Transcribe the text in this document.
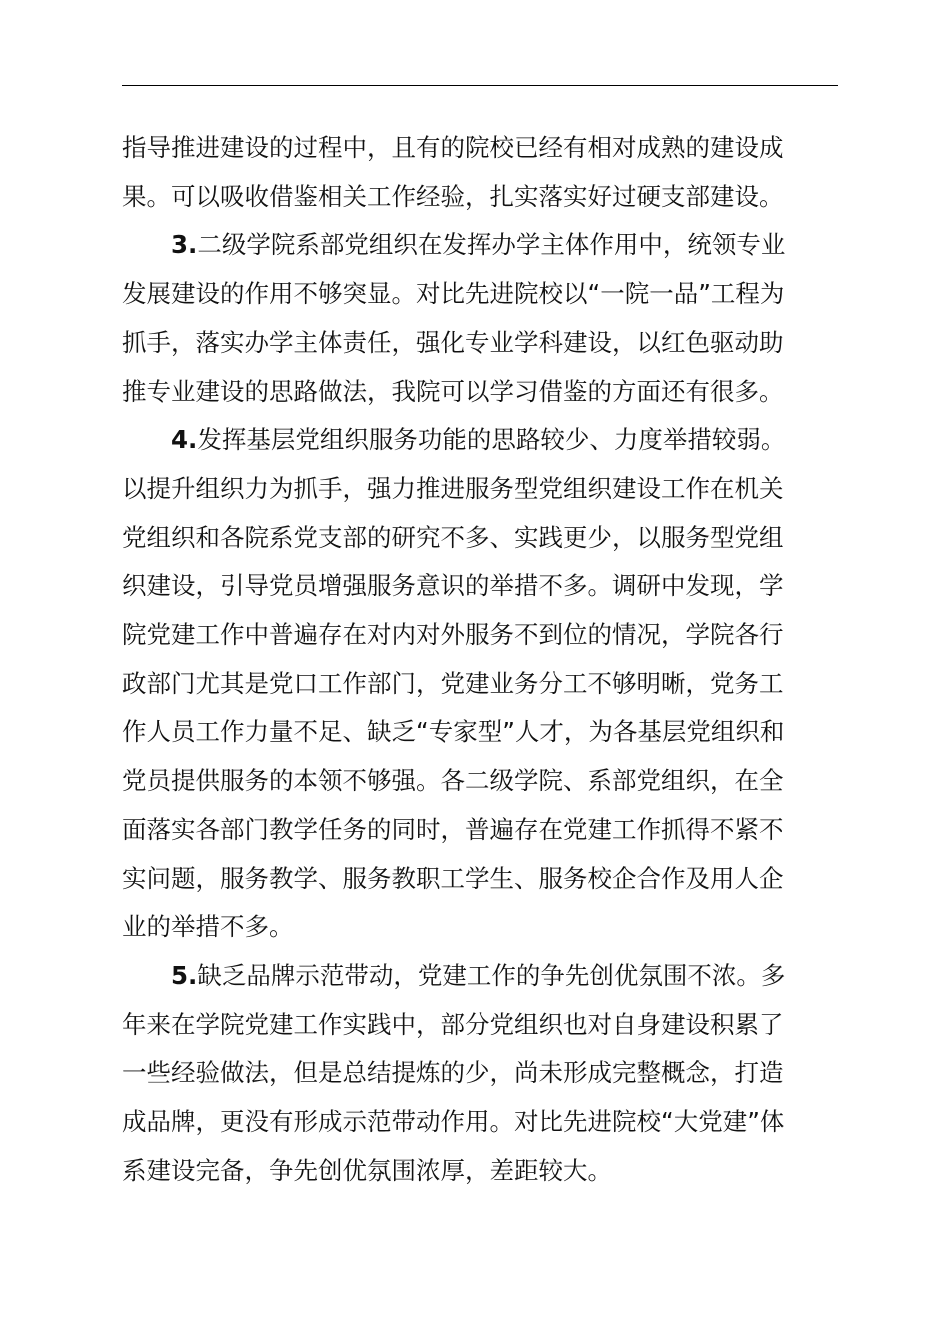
指导推进建设的过程中，且有的院校已经有相对成熟的建设成
果。可以吸收借鉴相关工作经验，扎实落实好过硬支部建设。
3.二级学院系部党组织在发挥办学主体作用中，统领专业
发展建设的作用不够突显。对比先进院校以“一院一品”工程为
抓手，落实办学主体责任，强化专业学科建设，以红色驱动助
推专业建设的思路做法，我院可以学习借鉴的方面还有很多。
4.发挥基层党组织服务功能的思路较少、力度举措较弱。
以提升组织力为抓手，强力推进服务型党组织建设工作在机关
党组织和各院系党支部的研究不多、实践更少，以服务型党组
织建设，引导党员增强服务意识的举措不多。调研中发现，学
院党建工作中普遍存在对内对外服务不到位的情况，学院各行
政部门尤其是党口工作部门，党建业务分工不够明晰，党务工
作人员工作力量不足、缺乏“专家型”人才，为各基层党组织和
党员提供服务的本领不够强。各二级学院、系部党组织，在全
面落实各部门教学任务的同时，普遍存在党建工作抓得不紧不
实问题，服务教学、服务教职工学生、服务校企合作及用人企
业的举措不多。
5.缺乏品牌示范带动，党建工作的争先创优氛围不浓。多
年来在学院党建工作实践中，部分党组织也对自身建设积累了
一些经验做法，但是总结提炼的少，尚未形成完整概念，打造
成品牌，更没有形成示范带动作用。对比先进院校“大党建”体
系建设完备，争先创优氛围浓厚，差距较大。
